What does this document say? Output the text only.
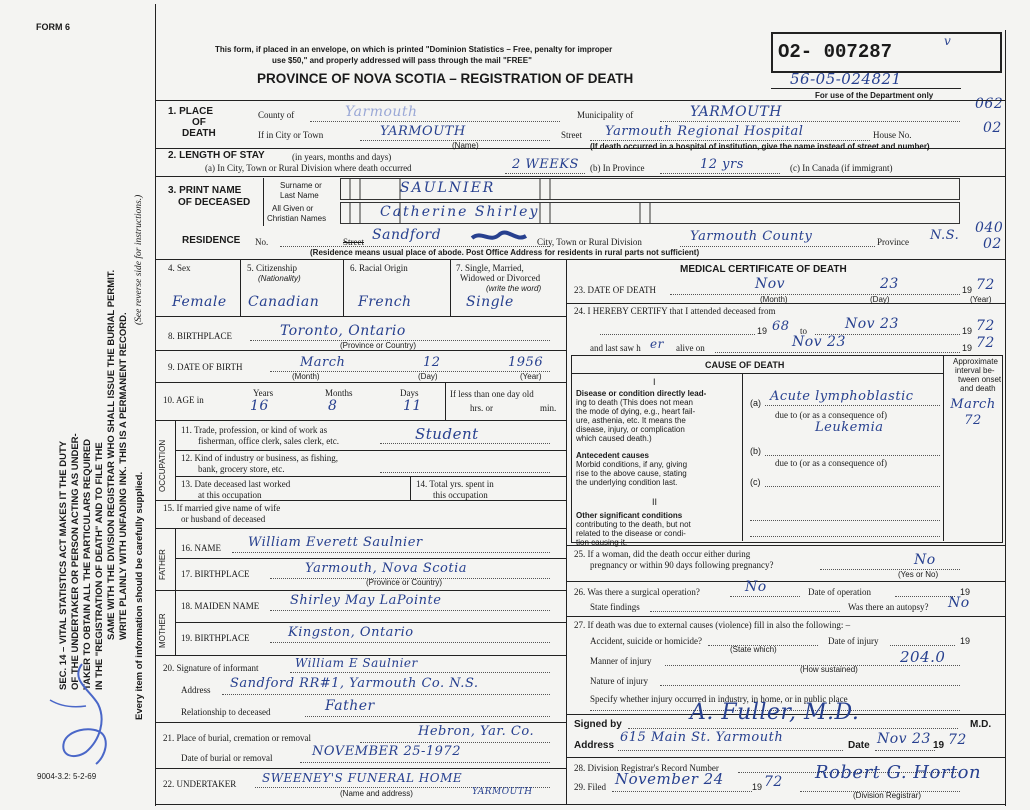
FORM 6
SEC. 14 – VITAL STATISTICS ACT MAKES IT THE DUTY OF THE UNDERTAKER OR PERSON ACTING AS UNDER- TAKER TO OBTAIN ALL THE PARTICULARS REQUIRED IN THE "REGISTRATION OF DEATH" AND TO FILE THE SAME WITH THE DIVISION REGISTRAR WHO SHALL ISSUE THE BURIAL PERMIT. WRITE PLAINLY WITH UNFADING INK. THIS IS A PERMANENT RECORD.
(See reverse side for instructions.)
Every item of information should be carefully supplied.
This form, if placed in an envelope, on which is printed "Dominion Statistics – Free, penalty for improper
use $50," and properly addressed will pass through the mail "FREE"
PROVINCE OF NOVA SCOTIA – REGISTRATION OF DEATH
O2- 007287	v
56-05-024821
For use of the Department only
062
02
040
02
1. PLACE
OF
DEATH
County of	Yarmouth	Municipality of	YARMOUTH
If in City or Town	YARMOUTH
(Name)
Street Yarmouth Regional Hospital	House No.
(If death occurred in a hospital of institution, give the name instead of street and number)
2. LENGTH OF STAY	(in years, months and days)
(a) In City, Town or Rural Division where death occurred	2 WEEKS (b) In Province	12 yrs	(c) In Canada (if immigrant)
3. PRINT NAME
OF DECEASED
Surname or
Last Name
All Given or
Christian Names
SAULNIER
Catherine Shirley
RESIDENCE No.	Street Sandford	City, Town or Rural Division	Yarmouth County	Province N.S.
(Residence means usual place of abode. Post Office Address for residents in rural parts not sufficient)
4. Sex	5. Citizenship
(Nationality)
6. Racial Origin	7. Single, Married,
Widowed or Divorced
(write the word)
Female Canadian	French	Single
8. BIRTHPLACE	Toronto, Ontario
(Province or Country)
9. DATE OF BIRTH	March	12	1956
(Month)	(Day)	(Year)
10. AGE in
Years	Months	Days
16	8	11
If less than one day old
hrs. or	min.
OCCUPATION
11. Trade, profession, or kind of work as
fisherman, office clerk, sales clerk, etc.	Student
12. Kind of industry or business, as fishing,
bank, grocery store, etc.
13. Date deceased last worked
at this occupation
14. Total yrs. spent in
this occupation
15. If married give name of wife
or husband of deceased
FATHER
16. NAME William Everett Saulnier
17. BIRTHPLACE	Yarmouth, Nova Scotia
(Province or Country)
MOTHER
18. MAIDEN NAME Shirley May LaPointe
19. BIRTHPLACE	Kingston, Ontario
20. Signature of informant	William E Saulnier
Address Sandford RR#1, Yarmouth Co. N.S.
Relationship to deceased	Father
21. Place of burial, cremation or removal	Hebron, Yar. Co.
Date of burial or removal	NOVEMBER 25-1972
22. UNDERTAKER SWEENEY'S FUNERAL HOME
YARMOUTH
(Name and address)
9004-3.2: 5-2-69
MEDICAL CERTIFICATE OF DEATH
23. DATE OF DEATH	Nov	23	19 72
(Month)	(Day)	(Year)
24. I HEREBY CERTIFY that I attended deceased from
19 68 to	Nov 23	19 72
and last saw h er alive on	Nov 23	19 72
CAUSE OF DEATH	Approximate
interval be-
tween onset
and death
I
Disease or condition directly lead-
ing to death (This does not mean
the mode of dying, e.g., heart fail-
ure, asthenia, etc. It means the
disease, injury, or complication
which caused death.)
(a) Acute lymphoblastic
due to (or as a consequence of)
Leukemia
March 72
Antecedent causes
Morbid conditions, if any, giving
rise to the above cause, stating
the underlying condition last.
(b)
due to (or as a consequence of)
(c)
II
Other significant conditions
contributing to the death, but not
related to the disease or condi-
tion causing it.
25. If a woman, did the death occur either during
pregnancy or within 90 days following pregnancy?	No
(Yes or No)
26. Was there a surgical operation?	No	Date of operation	19
State findings	Was there an autopsy? No
27. If death was due to external causes (violence) fill in also the following: –
Accident, suicide or homicide?	Date of injury	19
(State which)	204.0
Manner of injury
(How sustained)
Nature of injury
Specify whether injury occurred in industry, in home, or in public place
Signed by	A. Fuller, M.D.	M.D.
Address
615 Main St. Yarmouth
Date Nov 23 19 72
28. Division Registrar's Record Number
29. Filed November 24	19 72 Robert G. Horton
(Division Registrar)
